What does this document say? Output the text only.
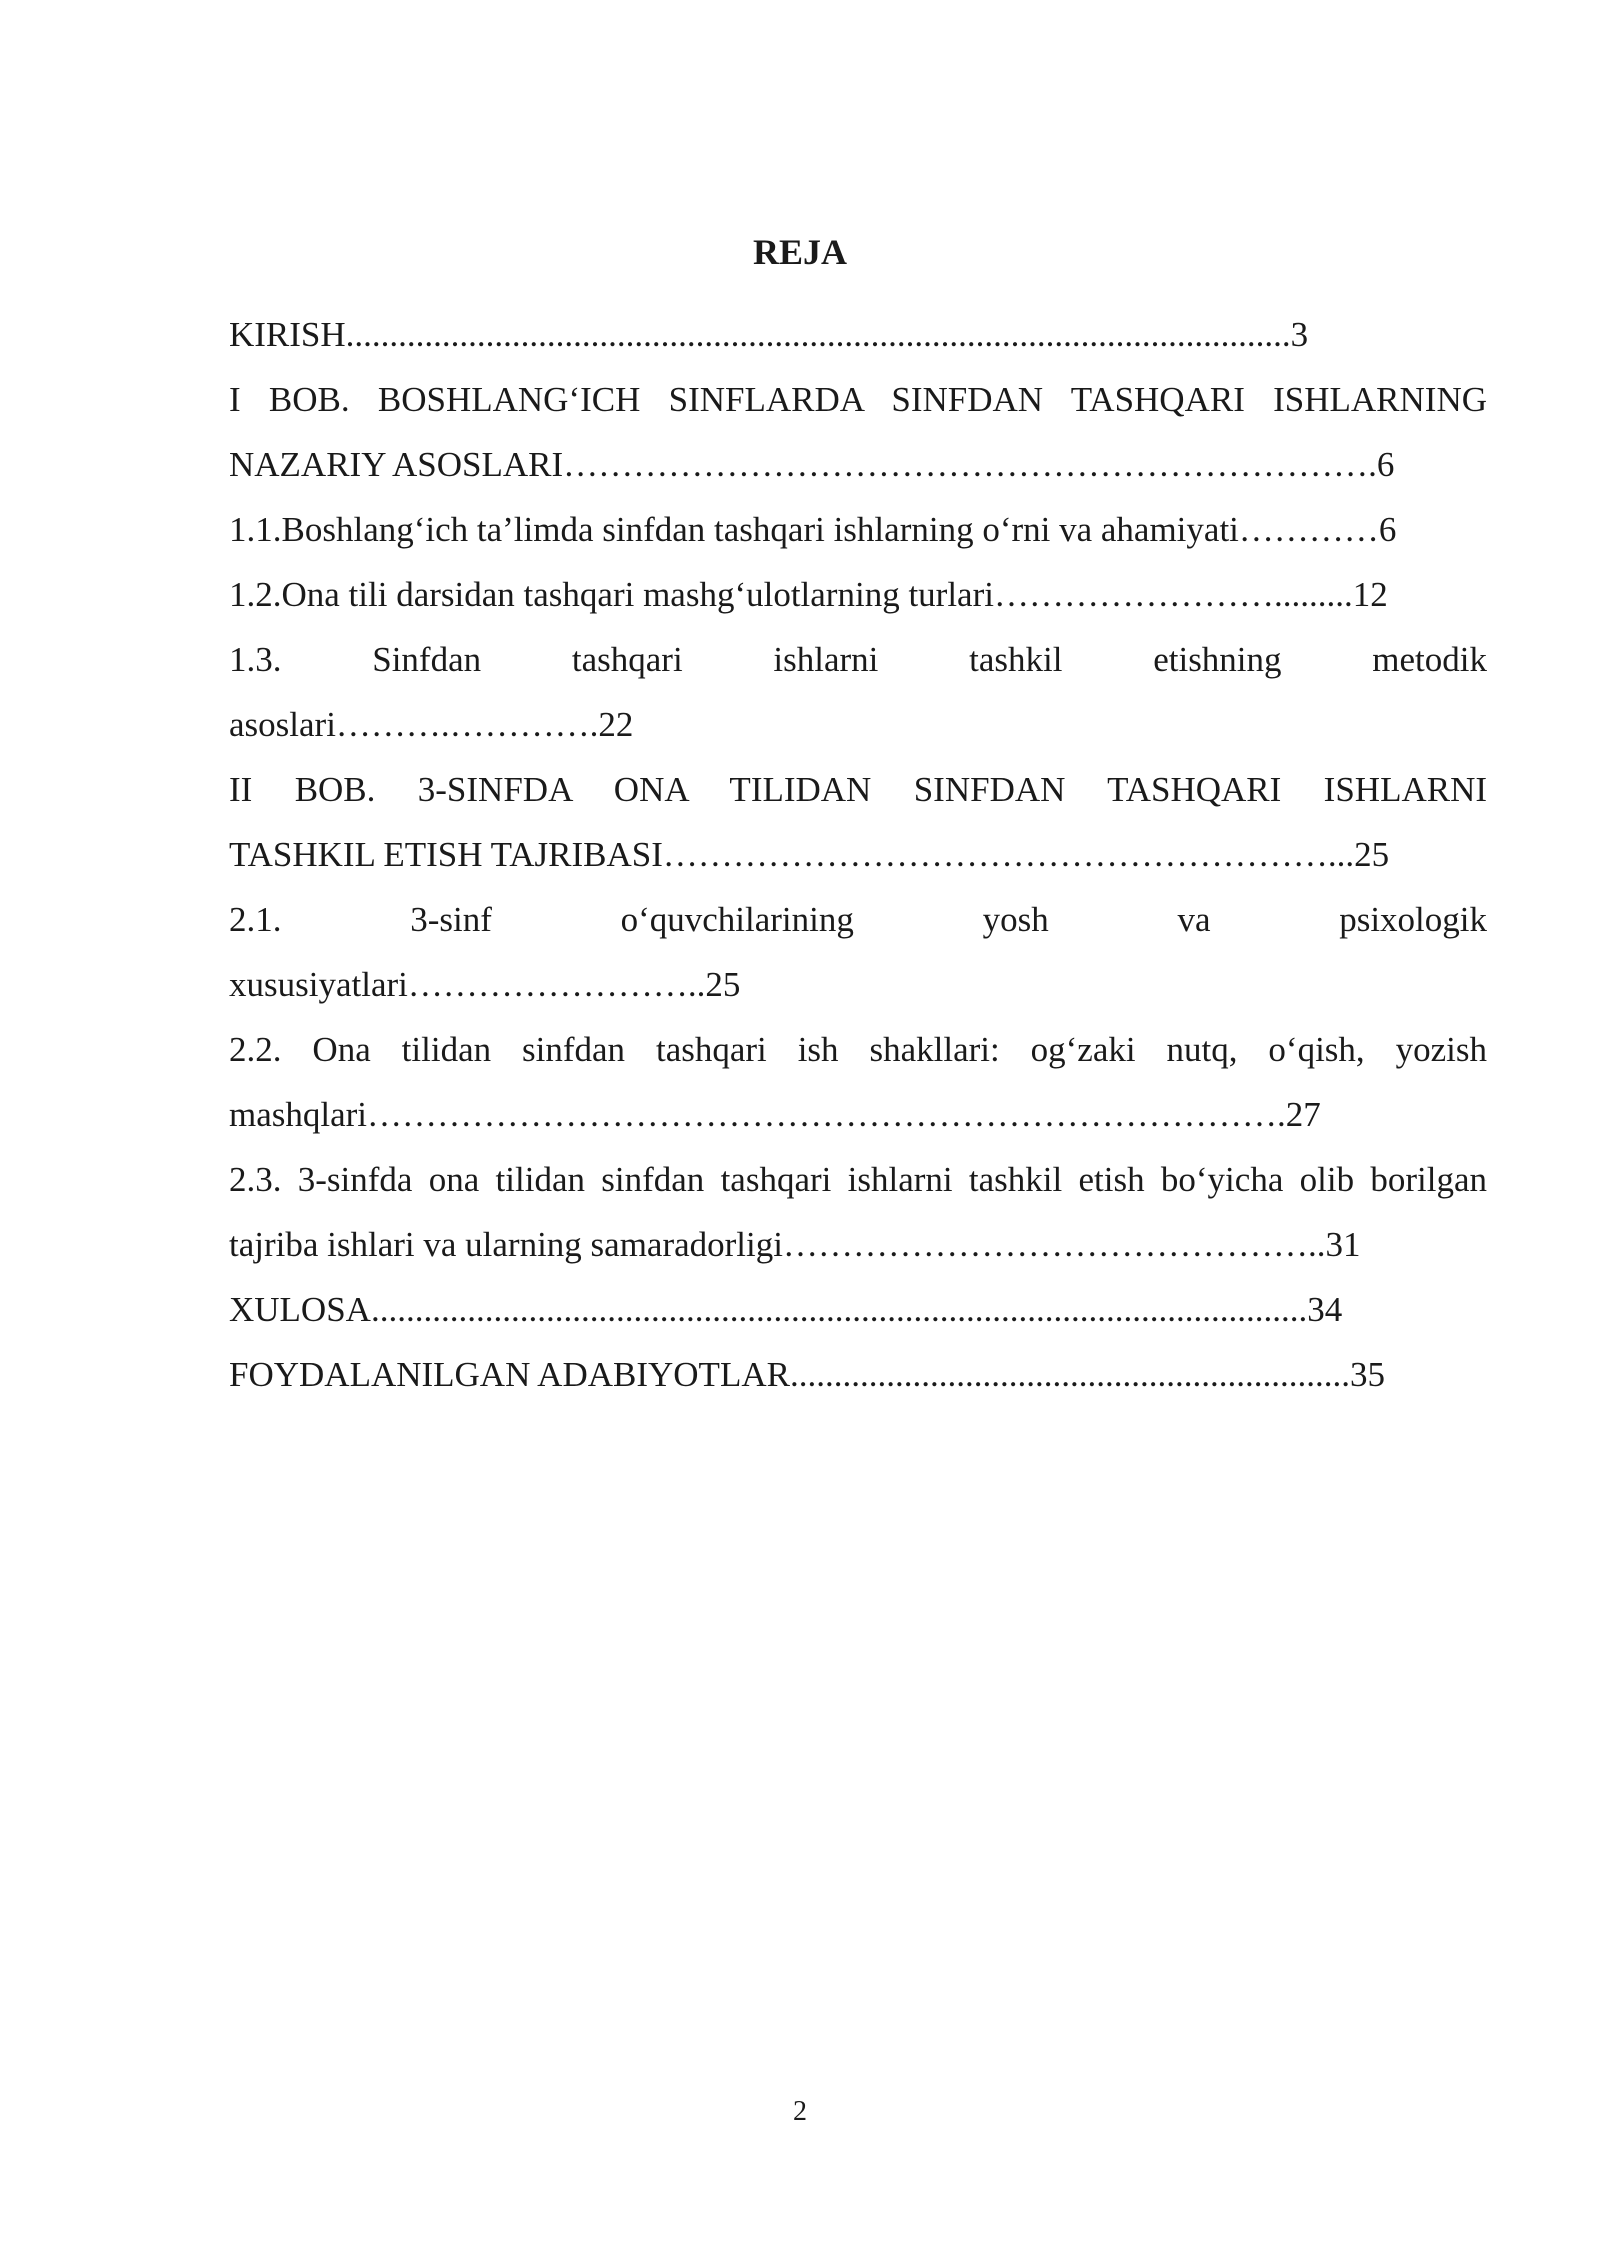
REJA
KIRISH............................................................................................................3
I BOB. BOSHLANG‘ICH SINFLARDA SINFDAN TASHQARI ISHLARNING
NAZARIY ASOSLARI…………………………………………………………….6
1.1.Boshlang‘ich ta’limda sinfdan tashqari ishlarning o‘rni va ahamiyati…………6
1.2.Ona tili darsidan tashqari mashg‘ulotlarning turlari…………………….........12
1.3. Sinfdan tashqari ishlarni tashkil etishning metodik
asoslari……….………….22
II BOB. 3-SINFDA ONA TILIDAN SINFDAN TASHQARI ISHLARNI
TASHKIL ETISH TAJRIBASI…………………………………………………...25
2.1. 3-sinf o‘quvchilarining yosh va psixologik
xususiyatlari……………………..25
2.2. Ona tilidan sinfdan tashqari ish shakllari: og‘zaki nutq, o‘qish, yozish
mashqlari…………………………………………………………………….27
2.3. 3-sinfda ona tilidan sinfdan tashqari ishlarni tashkil etish bo‘yicha olib borilgan
tajriba ishlari va ularning samaradorligi………………………………………..31
XULOSA...........................................................................................................34
FOYDALANILGAN ADABIYOTLAR................................................................35
2
